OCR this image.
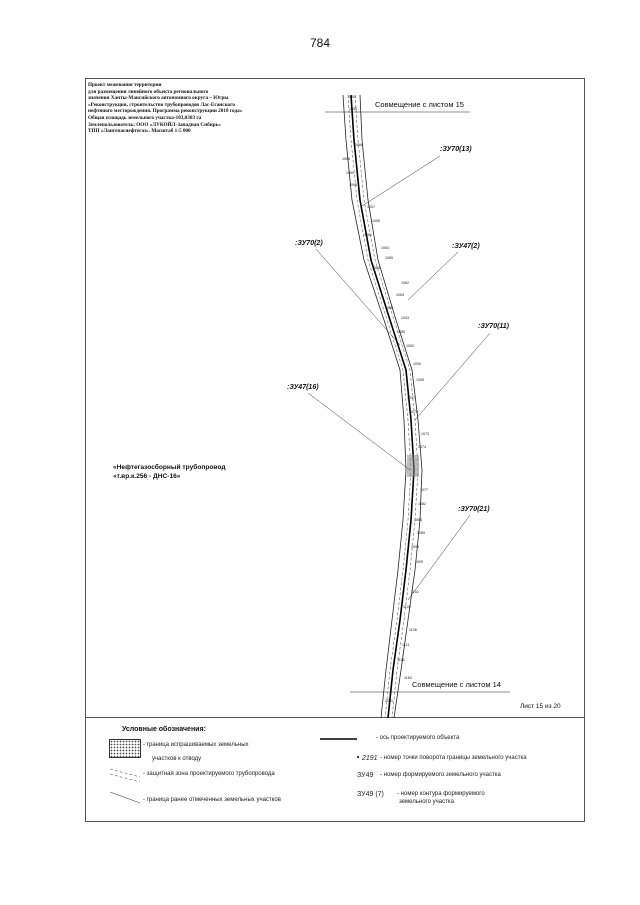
784
Проект межевания территории
для размещения линейного объекта регионального
значения Ханты-Мансийского автономного округа – Югры
«Реконструкция, строительство трубопроводов Лас-Еганского
нефтяного месторождения. Программа реконструкции 2018 года»
Общая площадь земельного участка-103,0303 га
Землепользователь: ООО «ЛУКОЙЛ-Западная Сибирь»
ТПП «Лангепаснефтегаз». Масштаб 1:5 000
Совмещение с листом 15
Совмещение с листом 14
«Нефтегазосборный трубопровод
«т.вр.к.256 - ДНС-16»
:ЗУ70(13)
:ЗУ70(2)	:ЗУ47(2)
:ЗУ70(11)
:ЗУ47(16)
:ЗУ70(21)
1054
1055
1066
1086
1090
1095
1057
1059
1061
1063
1065
1065
1062
1064
1086
1043
1085
1052
1090
1055
1057
1070
1073
1074
1077
1082
1085
1089
1094
1099
1102
1105
1108
1111
1118
1163
1001
Лист 15 из 20
Условные обозначения:
- граница испрашиваемых земельных
участков к отводу
- защитная зона проектируемого трубопровода
- граница ранее отмеченных земельных участков
- ось проектируемого объекта
2191 - номер точки поворота границы земельного участка
ЗУ49 - номер формируемого земельного участка
ЗУ49 (7) - номер контура формируемого
земельного участка
